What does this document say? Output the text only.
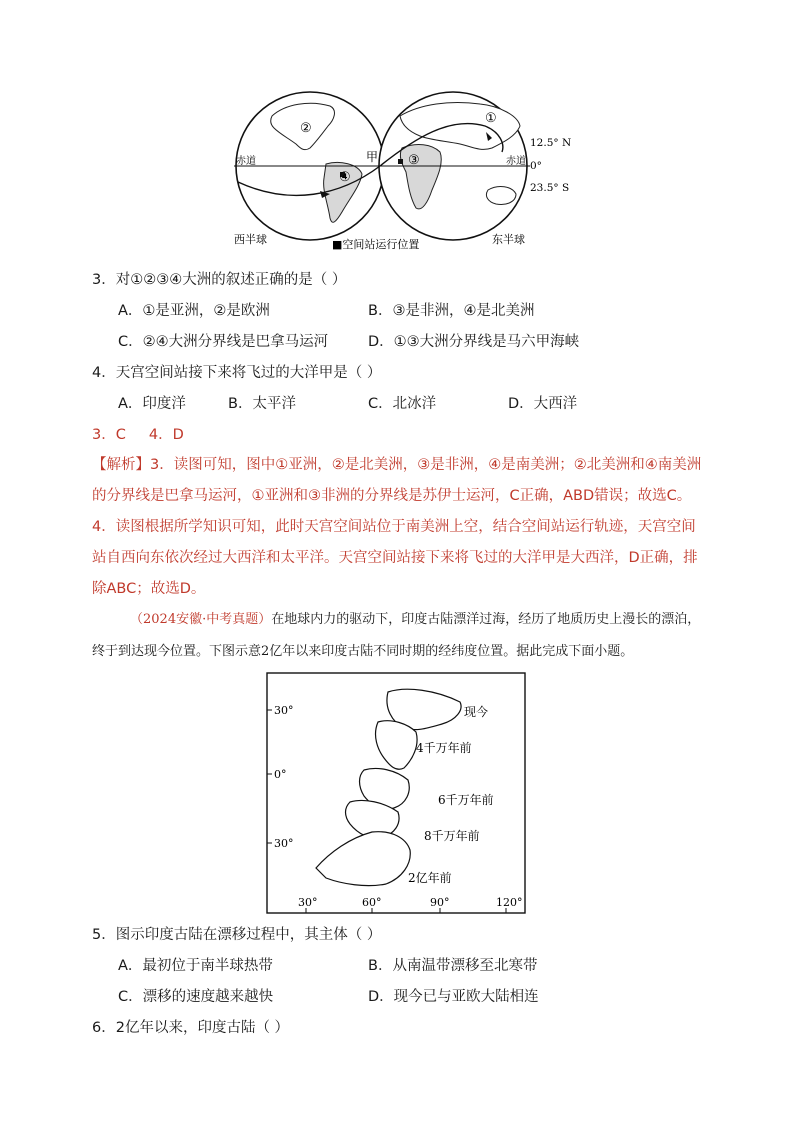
②
④
③
①
甲
赤道	赤道
12.5° N
0°
23.5° S
西半球	■空间站运行位置	东半球
3．对①②③④大洲的叙述正确的是（ ）
A．①是亚洲，②是欧洲	B．③是非洲，④是北美洲
C．②④大洲分界线是巴拿马运河	D．①③大洲分界线是马六甲海峡
4．天宫空间站接下来将飞过的大洋甲是（ ）
A．印度洋	B．太平洋	C．北冰洋	D．大西洋
3．C 4．D
【解析】3．读图可知，图中①亚洲，②是北美洲，③是非洲，④是南美洲；②北美洲和④南美洲的分界线是巴拿马运河，①亚洲和③非洲的分界线是苏伊士运河，C正确，ABD错误；故选C。
4．读图根据所学知识可知，此时天宫空间站位于南美洲上空，结合空间站运行轨迹，天宫空间站自西向东依次经过大西洋和太平洋。天宫空间站接下来将飞过的大洋甲是大西洋，D正确，排除ABC；故选D。
（2024安徽·中考真题）在地球内力的驱动下，印度古陆漂洋过海，经历了地质历史上漫长的漂泊，终于到达现今位置。下图示意2亿年以来印度古陆不同时期的经纬度位置。据此完成下面小题。
30°
0°
30°
30°	60°	90°	120°
现今
4千万年前
6千万年前
8千万年前
2亿年前
5．图示印度古陆在漂移过程中，其主体（ ）
A．最初位于南半球热带	B．从南温带漂移至北寒带
C．漂移的速度越来越快	D．现今已与亚欧大陆相连
6．2亿年以来，印度古陆（ ）
